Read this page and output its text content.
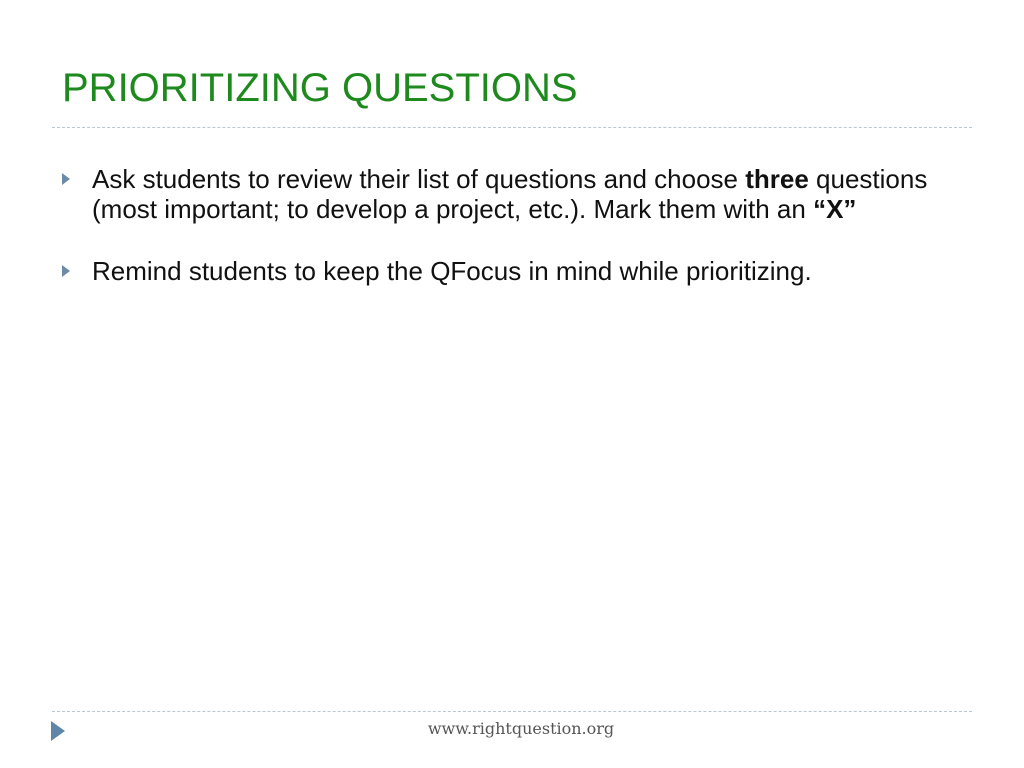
PRIORITIZING QUESTIONS
Ask students to review their list of questions and choose three questions (most important; to develop a project, etc.). Mark them with an “X”
Remind students to keep the QFocus in mind while prioritizing.
www.rightquestion.org
